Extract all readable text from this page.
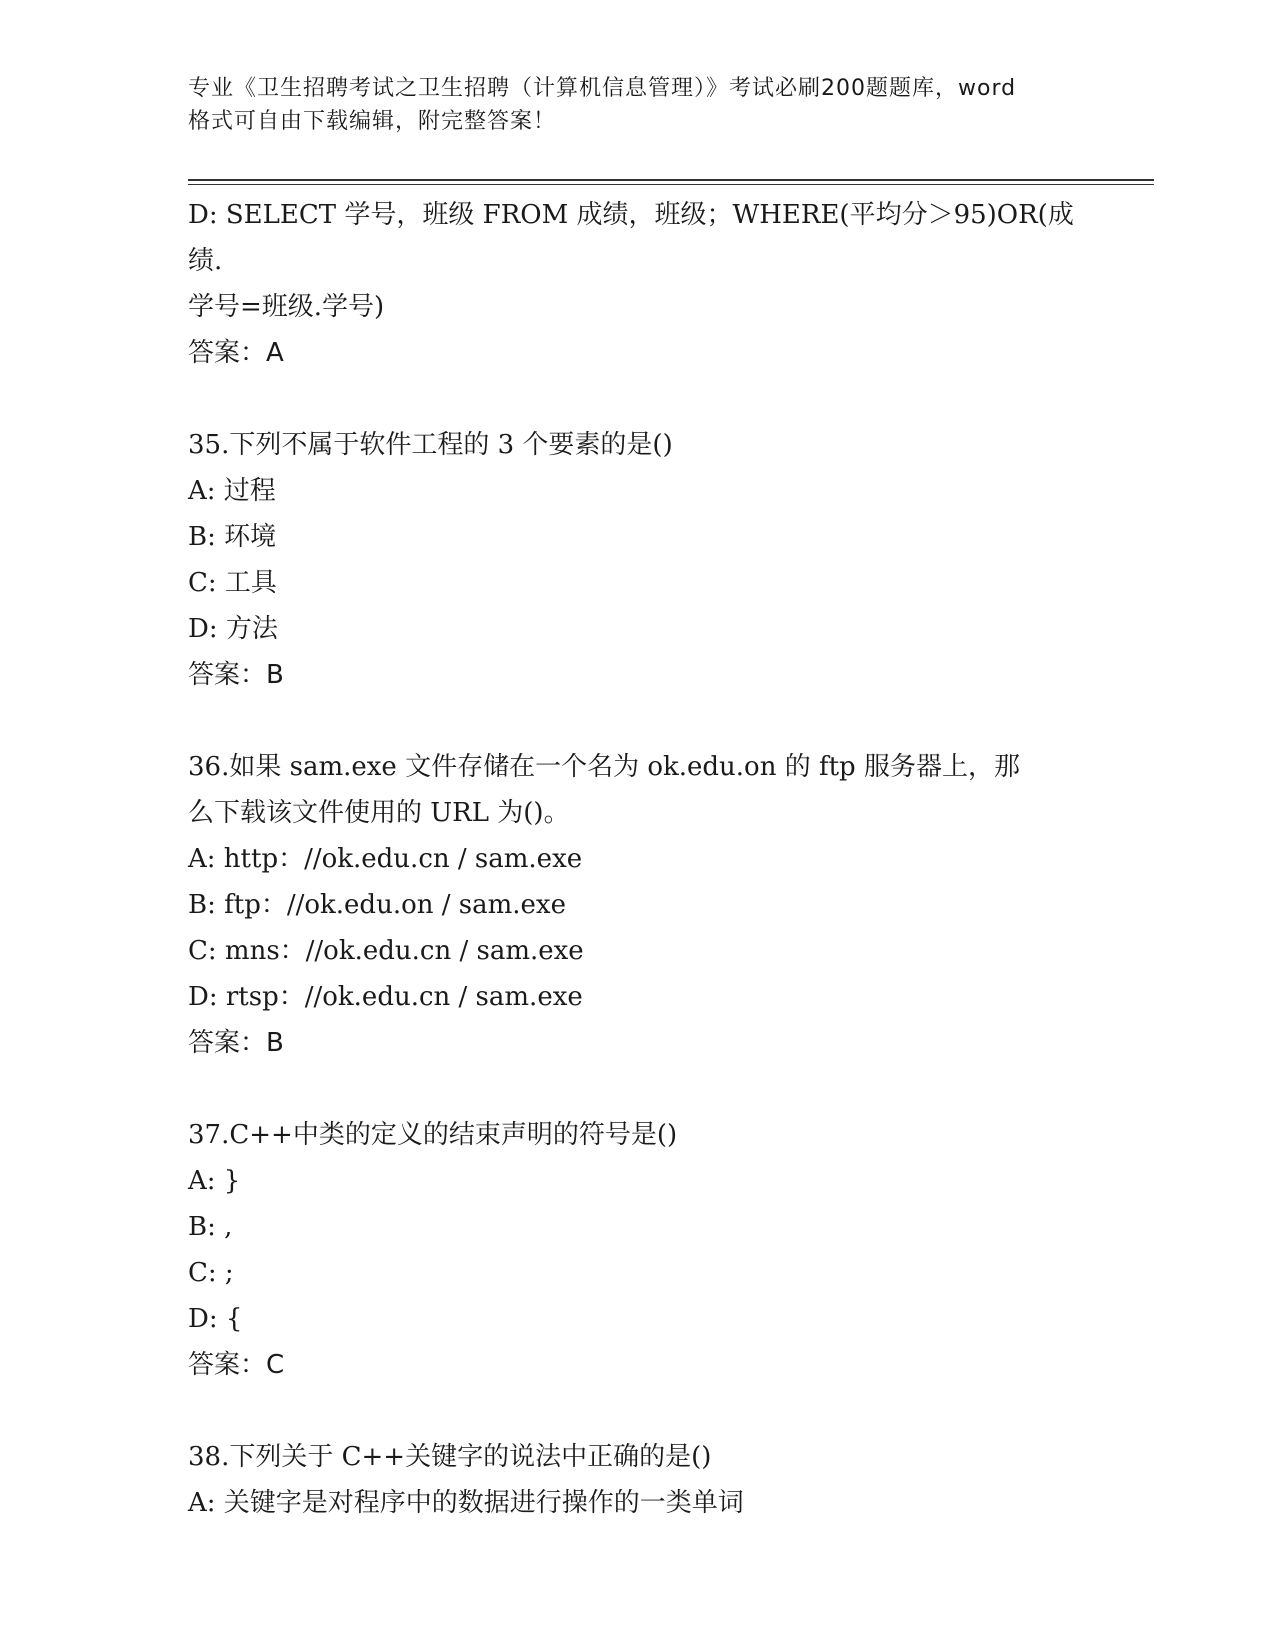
专业《卫生招聘考试之卫生招聘（计算机信息管理）》考试必刷200题题库，word
格式可自由下载编辑，附完整答案！
D: SELECT 学号，班级 FROM 成绩，班级；WHERE(平均分＞95)OR(成绩.
学号=班级.学号)
答案：A
35.下列不属于软件工程的 3 个要素的是()
A: 过程
B: 环境
C: 工具
D: 方法
答案：B
36.如果 sam.exe 文件存储在一个名为 ok.edu.on 的 ftp 服务器上，那
么下载该文件使用的 URL 为()。
A: http：//ok.edu.cn / sam.exe
B: ftp：//ok.edu.on / sam.exe
C: mns：//ok.edu.cn / sam.exe
D: rtsp：//ok.edu.cn / sam.exe
答案：B
37.C++中类的定义的结束声明的符号是()
A: }
B: ,
C: ;
D: {
答案：C
38.下列关于 C++关键字的说法中正确的是()
A: 关键字是对程序中的数据进行操作的一类单词
